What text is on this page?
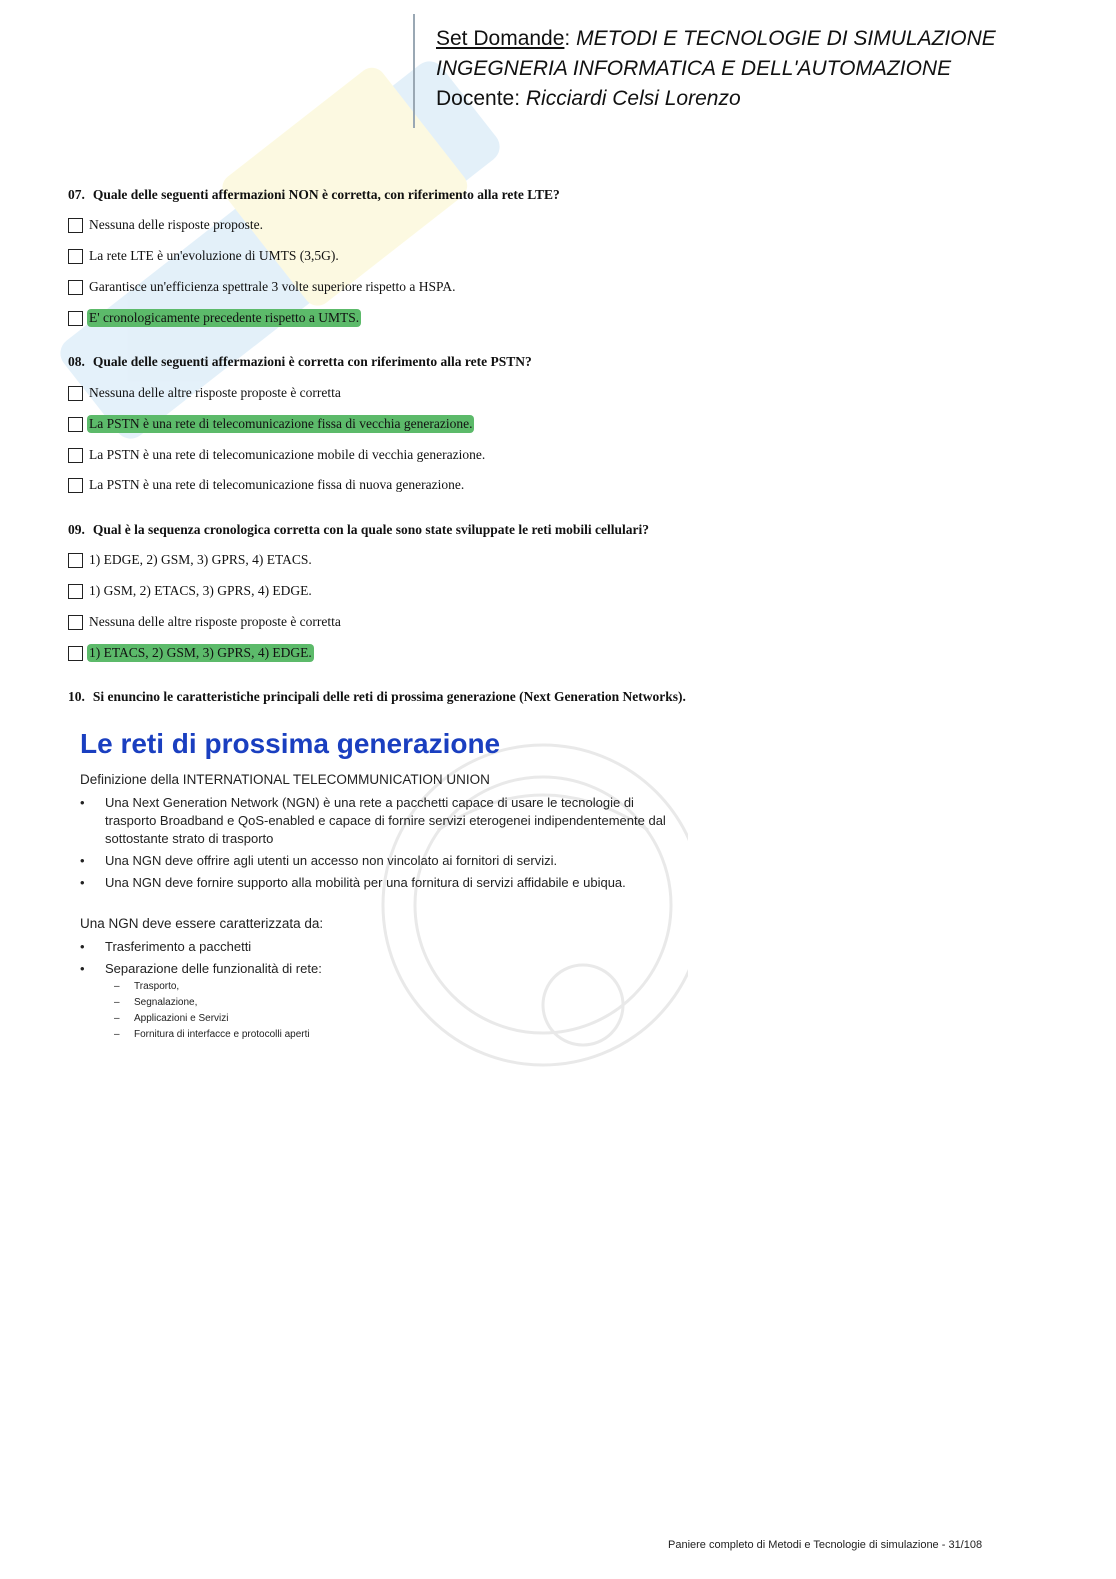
Set Domande: METODI E TECNOLOGIE DI SIMULAZIONE
INGEGNERIA INFORMATICA E DELL'AUTOMAZIONE
Docente: Ricciardi Celsi Lorenzo
07. Quale delle seguenti affermazioni NON è corretta, con riferimento alla rete LTE?
Nessuna delle risposte proposte.
La rete LTE è un'evoluzione di UMTS (3,5G).
Garantisce un'efficienza spettrale 3 volte superiore rispetto a HSPA.
E' cronologicamente precedente rispetto a UMTS.
08. Quale delle seguenti affermazioni è corretta con riferimento alla rete PSTN?
Nessuna delle altre risposte proposte è corretta
La PSTN è una rete di telecomunicazione fissa di vecchia generazione.
La PSTN è una rete di telecomunicazione mobile di vecchia generazione.
La PSTN è una rete di telecomunicazione fissa di nuova generazione.
09. Qual è la sequenza cronologica corretta con la quale sono state sviluppate le reti mobili cellulari?
1) EDGE, 2) GSM, 3) GPRS, 4) ETACS.
1) GSM, 2) ETACS, 3) GPRS, 4) EDGE.
Nessuna delle altre risposte proposte è corretta
1) ETACS, 2) GSM, 3) GPRS, 4) EDGE.
10. Si enuncino le caratteristiche principali delle reti di prossima generazione (Next Generation Networks).
Le reti di prossima generazione
Definizione della INTERNATIONAL TELECOMMUNICATION UNION
• Una Next Generation Network (NGN) è una rete a pacchetti capace di usare le tecnologie di trasporto Broadband e QoS-enabled e capace di fornire servizi eterogenei indipendentemente dal sottostante strato di trasporto
• Una NGN deve offrire agli utenti un accesso non vincolato ai fornitori di servizi.
• Una NGN deve fornire supporto alla mobilità per una fornitura di servizi affidabile e ubiqua.
Una NGN deve essere caratterizzata da:
• Trasferimento a pacchetti
• Separazione delle funzionalità di rete:
– Trasporto,
– Segnalazione,
– Applicazioni e Servizi
– Fornitura di interfacce e protocolli aperti
Paniere completo di Metodi e Tecnologie di simulazione - 31/108
